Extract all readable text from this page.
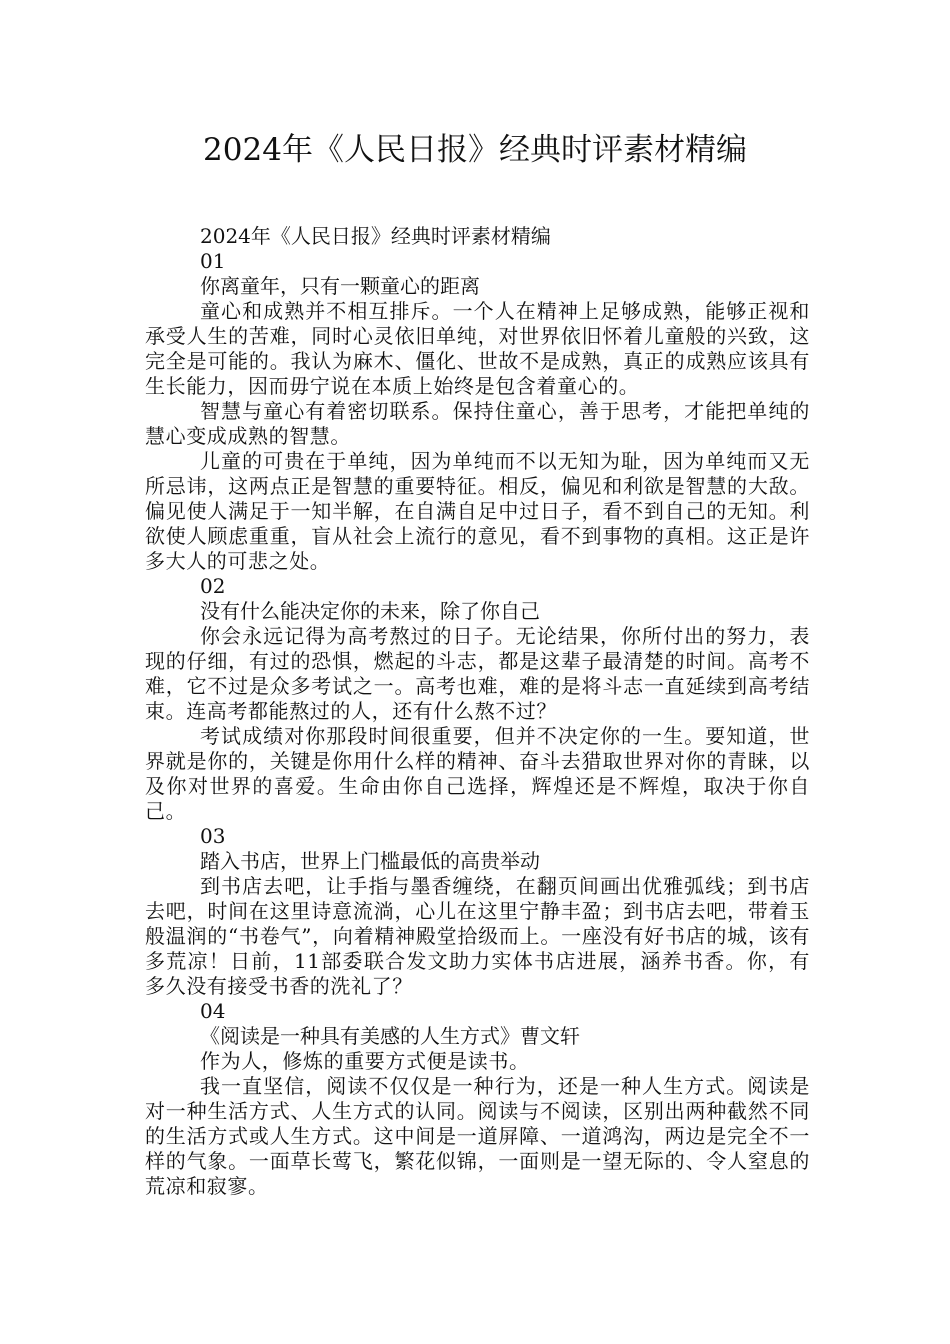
2024年《人民日报》经典时评素材精编

2024年《人民日报》经典时评素材精编

01

你离童年，只有一颗童心的距离

童心和成熟并不相互排斥。一个人在精神上足够成熟，能够正视和承受人生的苦难，同时心灵依旧单纯，对世界依旧怀着儿童般的兴致，这完全是可能的。我认为麻木、僵化、世故不是成熟，真正的成熟应该具有生长能力，因而毋宁说在本质上始终是包含着童心的。

智慧与童心有着密切联系。保持住童心，善于思考，才能把单纯的慧心变成成熟的智慧。

儿童的可贵在于单纯，因为单纯而不以无知为耻，因为单纯而又无所忌讳，这两点正是智慧的重要特征。相反，偏见和利欲是智慧的大敌。偏见使人满足于一知半解，在自满自足中过日子，看不到自己的无知。利欲使人顾虑重重，盲从社会上流行的意见，看不到事物的真相。这正是许多大人的可悲之处。

02

没有什么能决定你的未来，除了你自己

你会永远记得为高考熬过的日子。无论结果，你所付出的努力，表现的仔细，有过的恐惧，燃起的斗志，都是这辈子最清楚的时间。高考不难，它不过是众多考试之一。高考也难，难的是将斗志一直延续到高考结束。连高考都能熬过的人，还有什么熬不过？

考试成绩对你那段时间很重要，但并不决定你的一生。要知道，世界就是你的，关键是你用什么样的精神、奋斗去猎取世界对你的青睐，以及你对世界的喜爱。生命由你自己选择，辉煌还是不辉煌，取决于你自己。

03

踏入书店，世界上门槛最低的高贵举动

到书店去吧，让手指与墨香缠绕，在翻页间画出优雅弧线；到书店去吧，时间在这里诗意流淌，心儿在这里宁静丰盈；到书店去吧，带着玉般温润的“书卷气”，向着精神殿堂拾级而上。一座没有好书店的城，该有多荒凉！日前，11部委联合发文助力实体书店进展，涵养书香。你，有多久没有接受书香的洗礼了？

04

《阅读是一种具有美感的人生方式》曹文轩

作为人，修炼的重要方式便是读书。

我一直坚信，阅读不仅仅是一种行为，还是一种人生方式。阅读是对一种生活方式、人生方式的认同。阅读与不阅读，区别出两种截然不同的生活方式或人生方式。这中间是一道屏障、一道鸿沟，两边是完全不一样的气象。一面草长莺飞，繁花似锦，一面则是一望无际的、令人窒息的荒凉和寂寥。
